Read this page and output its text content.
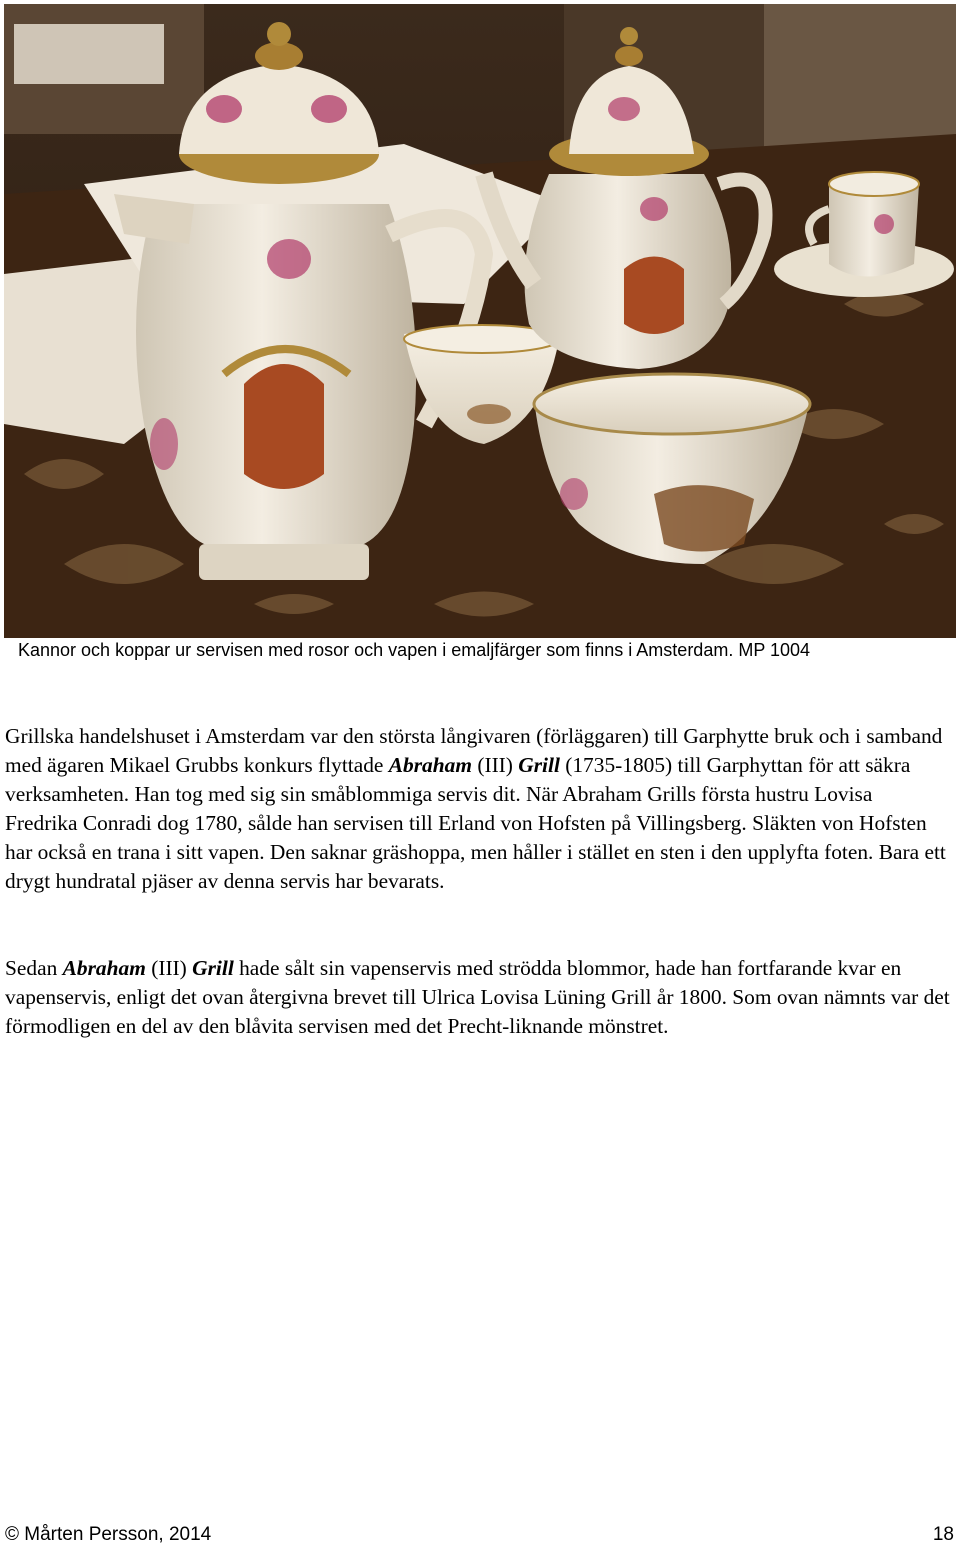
Kannor och koppar ur servisen med rosor och vapen i emaljfärger som finns i Amsterdam. MP 1004

Grillska handelshuset i Amsterdam var den största långivaren (förläggaren) till Garphytte bruk och i samband med ägaren Mikael Grubbs konkurs flyttade Abraham (III) Grill (1735-1805) till Garphyttan för att säkra verksamheten. Han tog med sig sin småblommiga servis dit. När Abraham Grills första hustru Lovisa Fredrika Conradi dog 1780, sålde han servisen till Erland von Hofsten på Villingsberg. Släkten von Hofsten har också en trana i sitt vapen. Den saknar gräshoppa, men håller i stället en sten i den upplyfta foten. Bara ett drygt hundratal pjäser av denna servis har bevarats.

Sedan Abraham (III) Grill hade sålt sin vapenservis med strödda blommor, hade han fortfarande kvar en vapenservis, enligt det ovan återgivna brevet till Ulrica Lovisa Lüning Grill år 1800. Som ovan nämnts var det förmodligen en del av den blåvita servisen med det Precht-liknande mönstret.

© Mårten Persson, 2014	18
